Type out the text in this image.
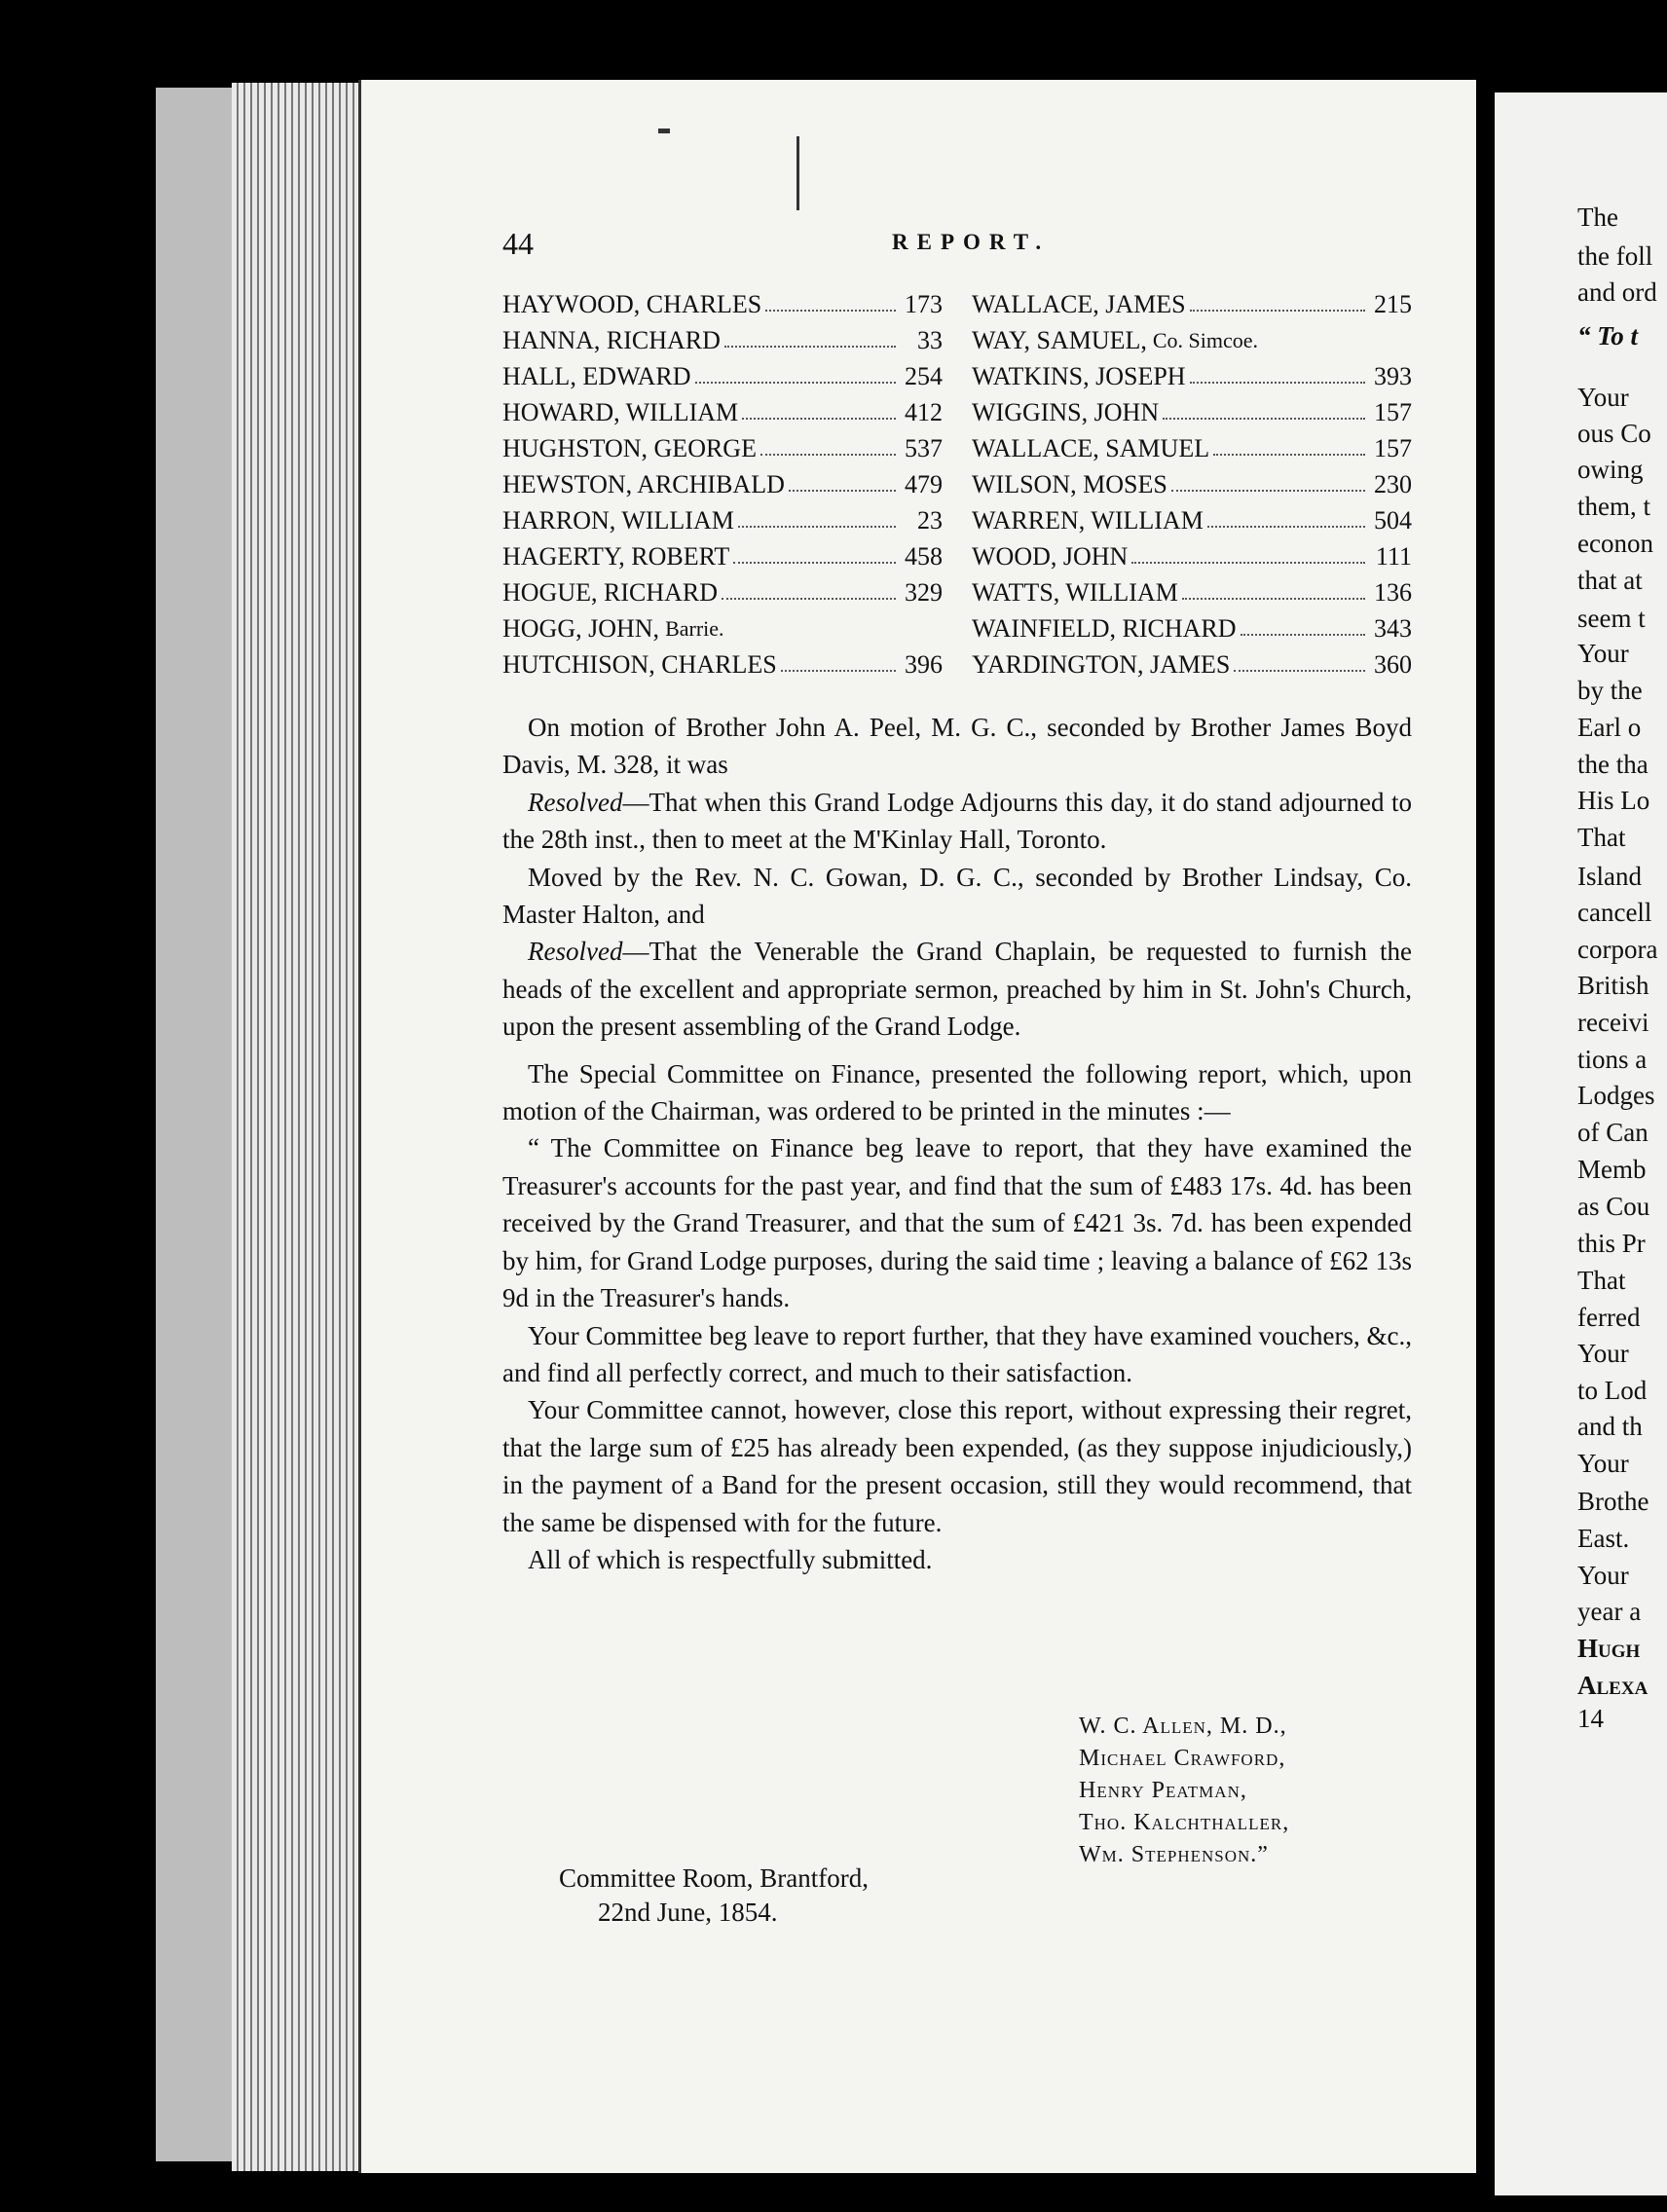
44	REPORT.
HAYWOOD, CHARLES	173 WALLACE, JAMES	215
HANNA, RICHARD	33 WAY, SAMUEL, Co. Simcoe.
HALL, EDWARD	254 WATKINS, JOSEPH	393
HOWARD, WILLIAM	412 WIGGINS, JOHN	157
HUGHSTON, GEORGE	537 WALLACE, SAMUEL	157
HEWSTON, ARCHIBALD	479 WILSON, MOSES	230
HARRON, WILLIAM	23 WARREN, WILLIAM	504
HAGERTY, ROBERT	458 WOOD, JOHN	111
HOGUE, RICHARD	329 WATTS, WILLIAM	136
HOGG, JOHN, Barrie.	WAINFIELD, RICHARD	343
HUTCHISON, CHARLES	396 YARDINGTON, JAMES	360

On motion of Brother John A. Peel, M. G. C., seconded by Brother James Boyd Davis, M. 328, it was

Resolved—That when this Grand Lodge Adjourns this day, it do stand adjourned to the 28th inst., then to meet at the M'Kinlay Hall, Toronto.

Moved by the Rev. N. C. Gowan, D. G. C., seconded by Brother Lindsay, Co. Master Halton, and

Resolved—That the Venerable the Grand Chaplain, be requested to furnish the heads of the excellent and appropriate sermon, preached by him in St. John's Church, upon the present assembling of the Grand Lodge.

The Special Committee on Finance, presented the following report, which, upon motion of the Chairman, was ordered to be printed in the minutes :—

“ The Committee on Finance beg leave to report, that they have examined the Treasurer's accounts for the past year, and find that the sum of £483 17s. 4d. has been received by the Grand Treasurer, and that the sum of £421 3s. 7d. has been expended by him, for Grand Lodge purposes, during the said time ; leaving a balance of £62 13s 9d in the Treasurer's hands.

Your Committee beg leave to report further, that they have examined vouchers, &c., and find all perfectly correct, and much to their satisfaction.

Your Committee cannot, however, close this report, without expressing their regret, that the large sum of £25 has already been expended, (as they suppose injudiciously,) in the payment of a Band for the present occasion, still they would recommend, that the same be dispensed with for the future.

All of which is respectfully submitted.

W. C. Allen, M. D.,
Michael Crawford,
Henry Peatman,
Tho. Kalchthaller,
Wm. Stephenson.”
Committee Room, Brantford,
22nd June, 1854.
The
the foll
and ord
“ To t
Your
ous Co
owing
them, t
econon
that at
seem t
Your
by the
Earl o
the tha
His Lo
That
Island
cancell
corpora
British
receivi
tions a
Lodges
of Can
Memb
as Cou
this Pr
That
ferred
Your
to Lod
and th
Your
Brothe
East.
Your
year a
Hugh
Alexa
14
